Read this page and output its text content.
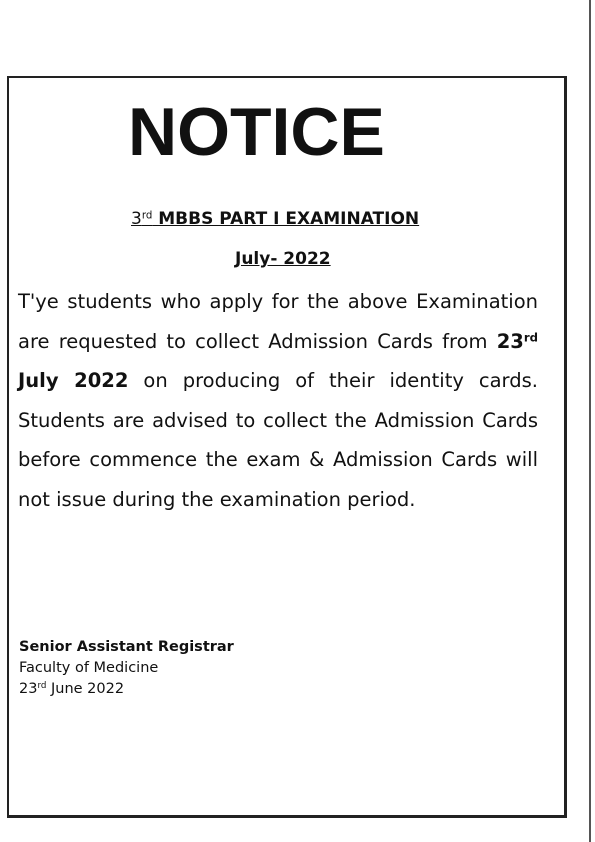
NOTICE
3rd MBBS PART I EXAMINATION
July- 2022

T'ye students who apply for the above Examination are requested to collect Admission Cards from 23rd July 2022 on producing of their identity cards. Students are advised to collect the Admission Cards before commence the exam & Admission Cards will not issue during the examination period.

Senior Assistant Registrar
Faculty of Medicine
23rd June 2022
